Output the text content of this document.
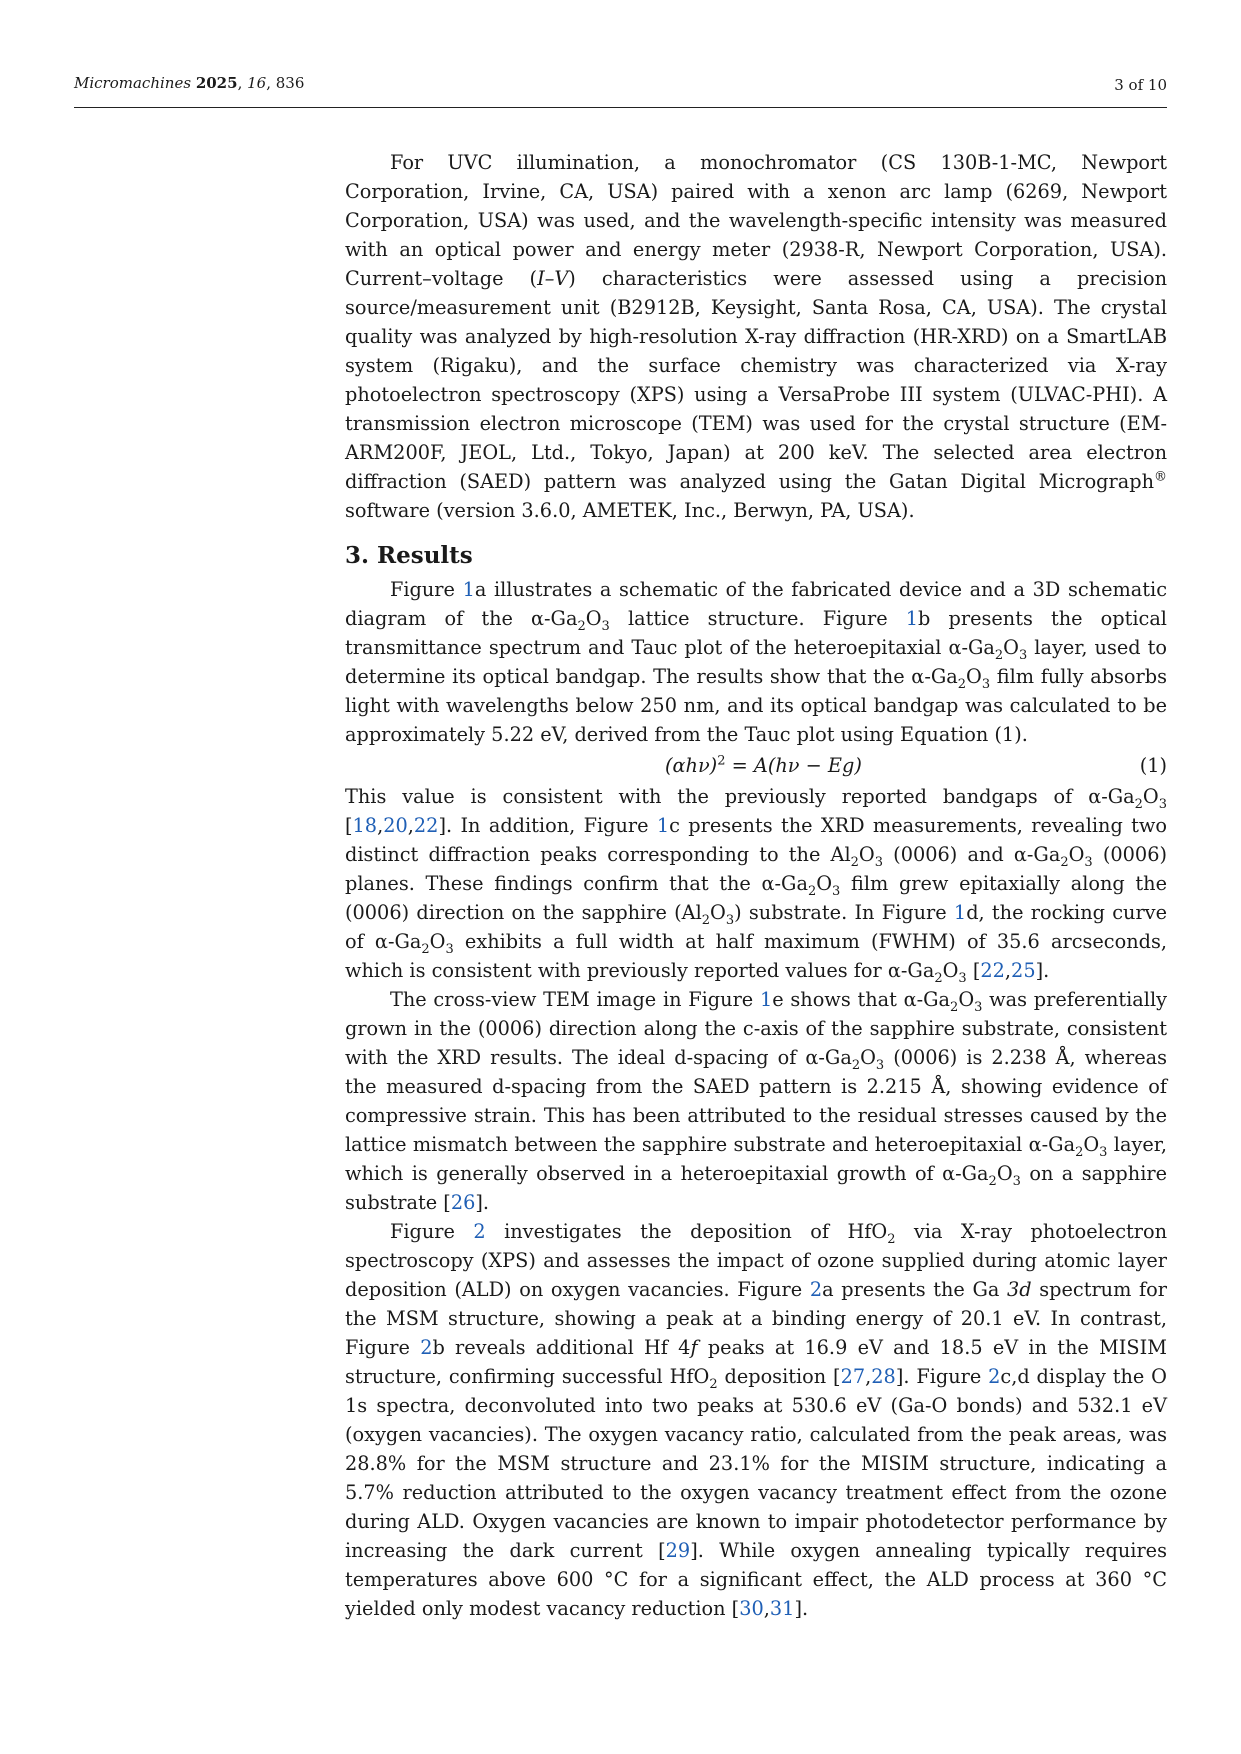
Micromachines 2025, 16, 836	3 of 10

For UVC illumination, a monochromator (CS 130B-1-MC, Newport Corporation, Irvine, CA, USA) paired with a xenon arc lamp (6269, Newport Corporation, USA) was used, and the wavelength-specific intensity was measured with an optical power and energy meter (2938-R, Newport Corporation, USA). Current–voltage (I–V) characteristics were assessed using a precision source/measurement unit (B2912B, Keysight, Santa Rosa, CA, USA). The crystal quality was analyzed by high-resolution X-ray diffraction (HR-XRD) on a SmartLAB system (Rigaku), and the surface chemistry was characterized via X-ray photoelectron spectroscopy (XPS) using a VersaProbe III system (ULVAC-PHI). A transmission electron microscope (TEM) was used for the crystal structure (EM-ARM200F, JEOL, Ltd., Tokyo, Japan) at 200 keV. The selected area electron diffraction (SAED) pattern was analyzed using the Gatan Digital Micrograph® software (version 3.6.0, AMETEK, Inc., Berwyn, PA, USA).

3. Results

Figure 1a illustrates a schematic of the fabricated device and a 3D schematic diagram of the $\alpha-Ga_2O_3$ lattice structure. Figure 1b presents the optical transmittance spectrum and Tauc plot of the heteroepitaxial $\alpha-Ga_2O_3$ layer, used to determine its optical bandgap. The results show that the $\alpha-Ga_2O_3$ film fully absorbs light with wavelengths below 250 nm, and its optical bandgap was calculated to be approximately 5.22 eV, derived from the Tauc plot using Equation (1).

$(\alpha h\nu)^2 = A(h\nu - Eg)$	(1)

This value is consistent with the previously reported bandgaps of $\alpha-Ga_2O_3$ [18,20,22]. In addition, Figure 1c presents the XRD measurements, revealing two distinct diffraction peaks corresponding to the $Al_2O_3$ (0006) and $\alpha-Ga_2O_3$ (0006) planes. These findings confirm that the $\alpha-Ga_2O_3$ film grew epitaxially along the (0006) direction on the sapphire $(Al_2O_3)$ substrate. In Figure 1d, the rocking curve of $\alpha-Ga_2O_3$ exhibits a full width at half maximum (FWHM) of 35.6 arcseconds, which is consistent with previously reported values for $\alpha-Ga_2O_3$ [22,25].

The cross-view TEM image in Figure 1e shows that $\alpha-Ga_2O_3$ was preferentially grown in the (0006) direction along the c-axis of the sapphire substrate, consistent with the XRD results. The ideal d-spacing of $\alpha-Ga_2O_3$ (0006) is 2.238 Å, whereas the measured d-spacing from the SAED pattern is 2.215 Å, showing evidence of compressive strain. This has been attributed to the residual stresses caused by the lattice mismatch between the sapphire substrate and heteroepitaxial $\alpha-Ga_2O_3$ layer, which is generally observed in a heteroepitaxial growth of $\alpha-Ga_2O_3$ on a sapphire substrate [26].

Figure 2 investigates the deposition of HfO$_2$ via X-ray photoelectron spectroscopy (XPS) and assesses the impact of ozone supplied during atomic layer deposition (ALD) on oxygen vacancies. Figure 2a presents the Ga 3d spectrum for the MSM structure, showing a peak at a binding energy of 20.1 eV. In contrast, Figure 2b reveals additional Hf 4f peaks at 16.9 eV and 18.5 eV in the MISIM structure, confirming successful HfO$_2$ deposition [27,28]. Figure 2c,d display the O 1s spectra, deconvoluted into two peaks at 530.6 eV (Ga-O bonds) and 532.1 eV (oxygen vacancies). The oxygen vacancy ratio, calculated from the peak areas, was 28.8% for the MSM structure and 23.1% for the MISIM structure, indicating a 5.7% reduction attributed to the oxygen vacancy treatment effect from the ozone during ALD. Oxygen vacancies are known to impair photodetector performance by increasing the dark current [29]. While oxygen annealing typically requires temperatures above 600 °C for a significant effect, the ALD process at 360 °C yielded only modest vacancy reduction [30,31].
